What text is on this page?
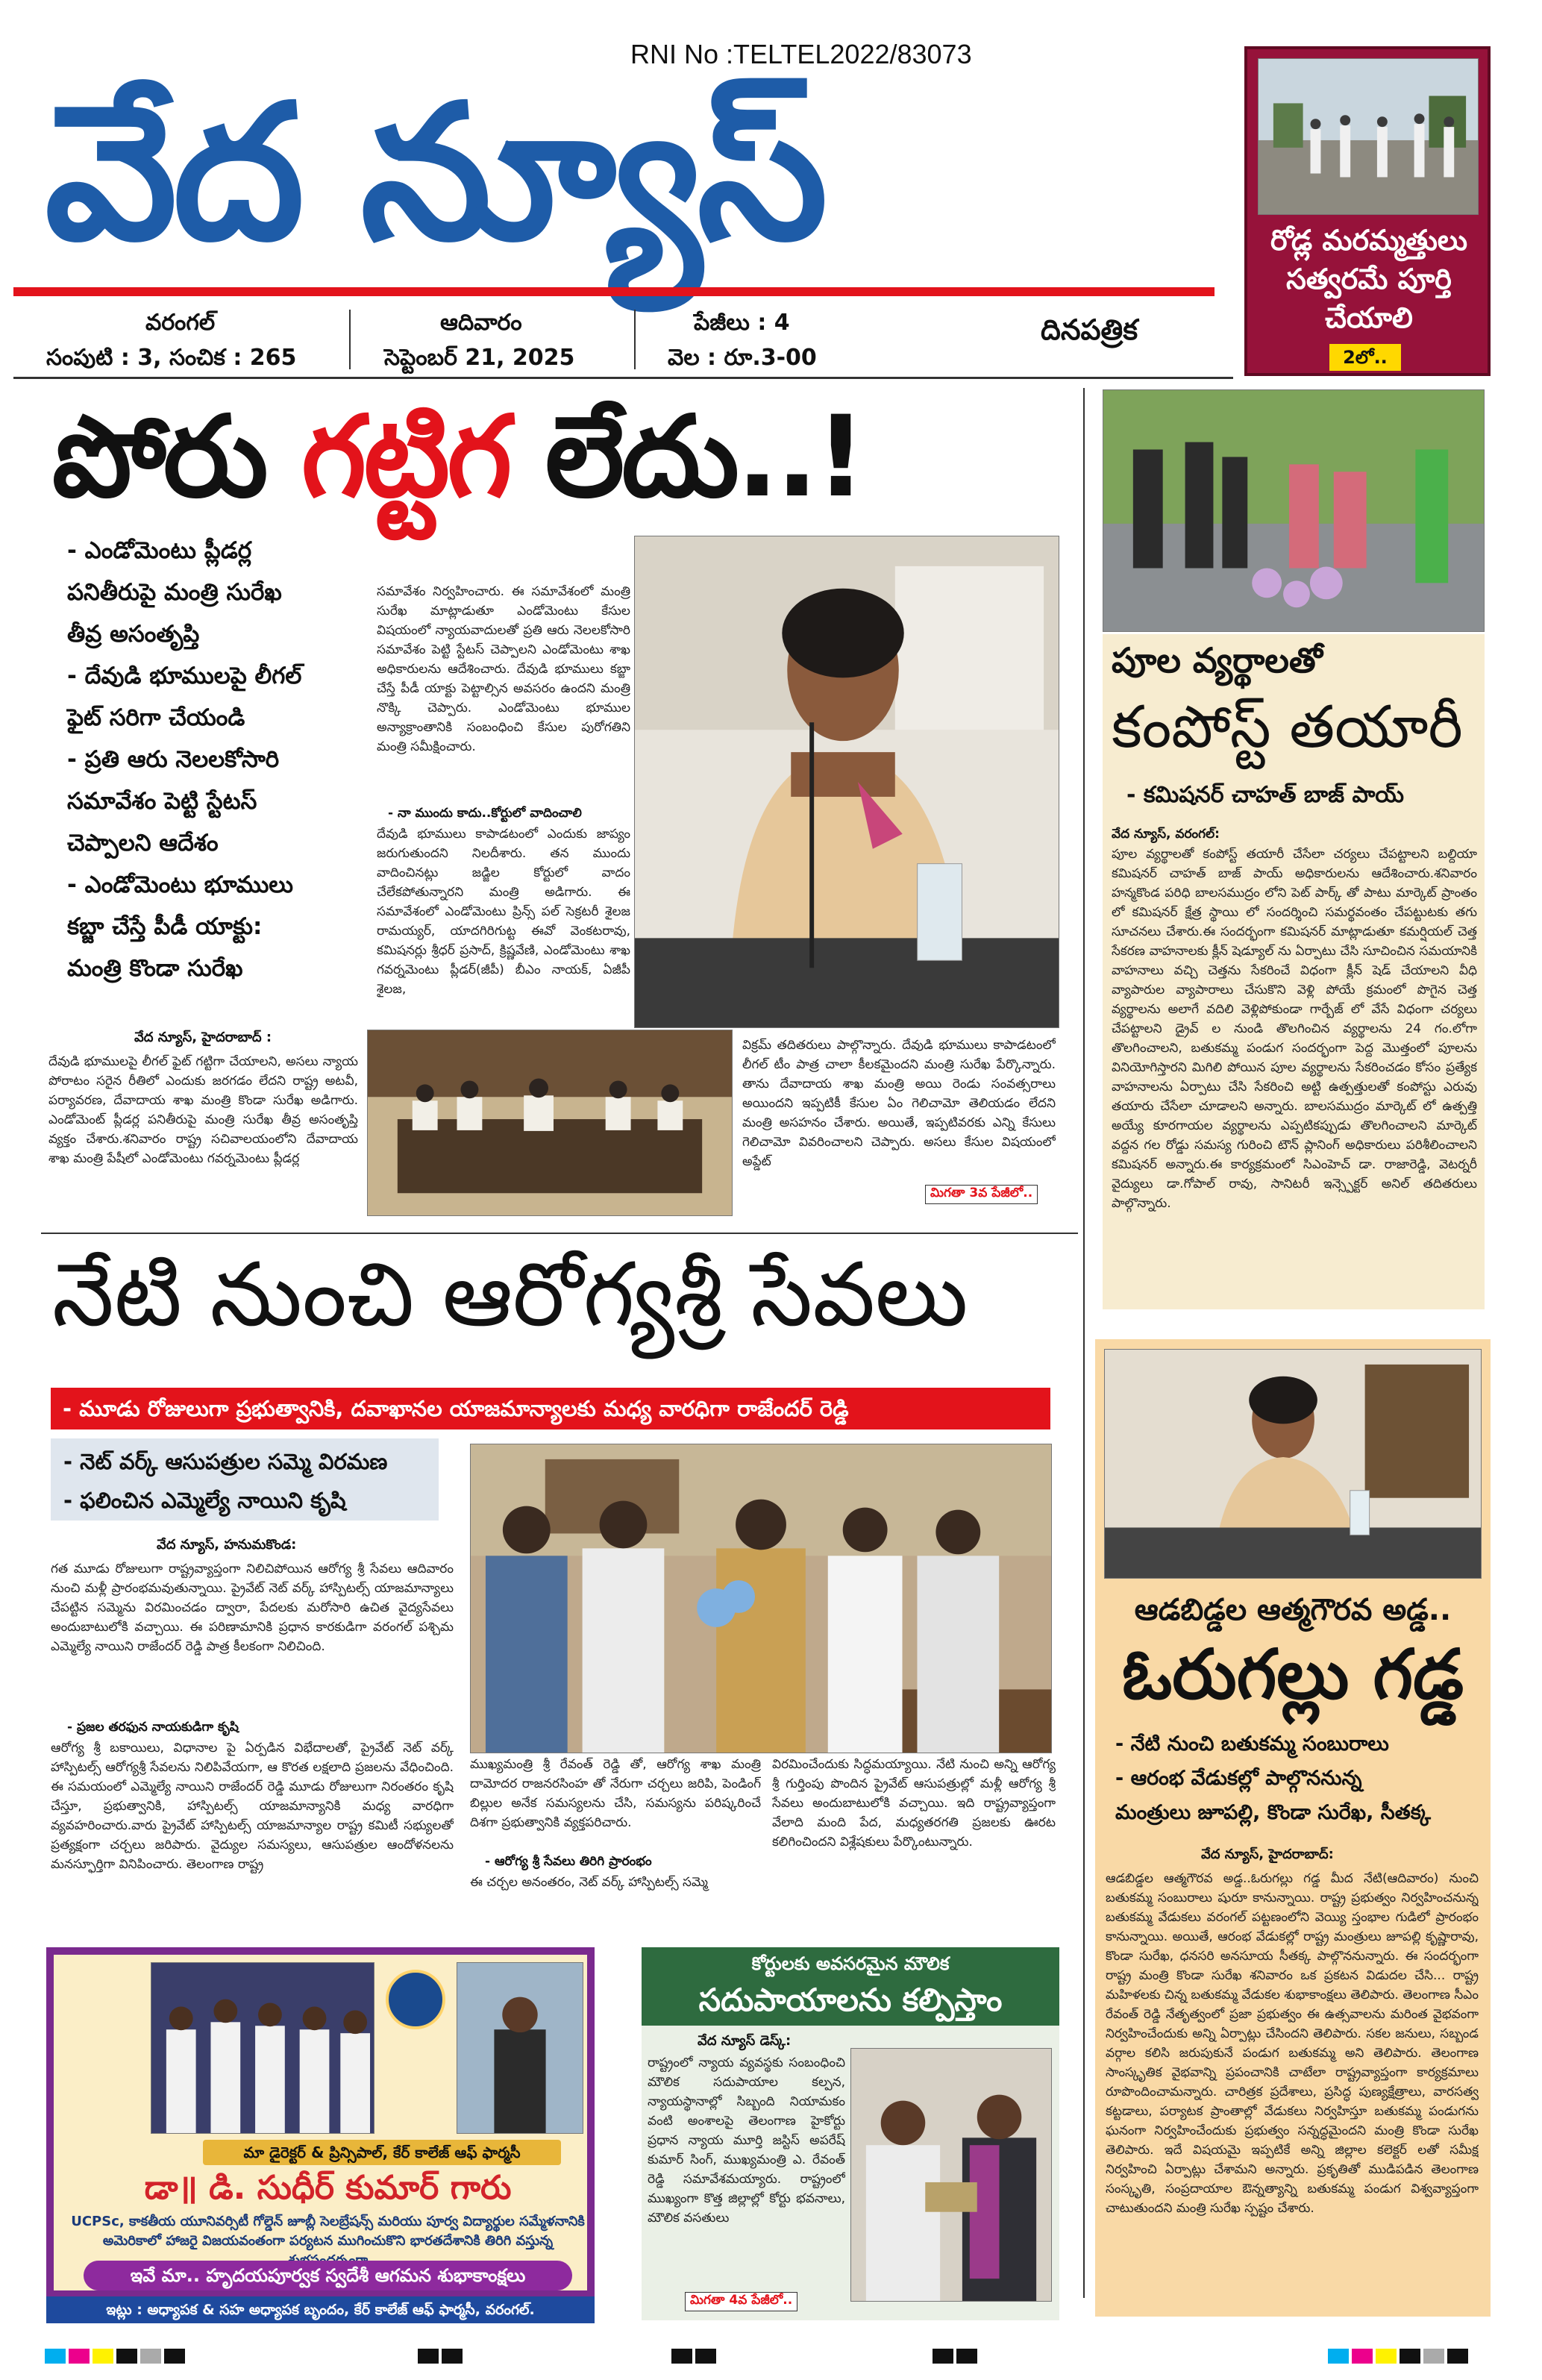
RNI No :TELTEL2022/83073
వేద న్యూస్
దినపత్రిక
వరంగల్
సంపుటి : 3, సంచిక : 265
ఆదివారం
సెప్టెంబర్ 21, 2025
పేజీలు : 4
వెల : రూ.3-00
రోడ్ల మరమ్మత్తులు సత్వరమే పూర్తి చేయాలి
2లో..
పోరు గట్టిగ లేదు..!
- ఎండోమెంటు ప్లీడర్ల
పనితీరుపై మంత్రి సురేఖ
తీవ్ర అసంతృప్తి
- దేవుడి భూములపై లీగల్
ఫైట్ సరిగా చేయండి
- ప్రతి ఆరు నెలలకోసారి
సమావేశం పెట్టి స్టేటస్
చెప్పాలని ఆదేశం
- ఎండోమెంటు భూములు
కబ్జా చేస్తే పీడీ యాక్టు:
మంత్రి కొండా సురేఖ
వేద న్యూస్, హైదరాబాద్ :
దేవుడి భూములపై లీగల్ ఫైట్ గట్టిగా చేయాలని, అసలు న్యాయ పోరాటం సరైన రీతిలో ఎందుకు జరగడం లేదని రాష్ట్ర అటవీ, పర్యావరణ, దేవాదాయ శాఖ మంత్రి కొండా సురేఖ అడిగారు. ఎండోమెంట్ ప్లీడర్ల పనితీరుపై మంత్రి సురేఖ తీవ్ర అసంతృప్తి వ్యక్తం చేశారు.శనివారం రాష్ట్ర సచివాలయంలోని దేవాదాయ శాఖ మంత్రి పేషీలో ఎండోమెంటు గవర్నమెంటు ప్లీడర్ల
సమావేశం నిర్వహించారు. ఈ సమావేశంలో మంత్రి సురేఖ మాట్లాడుతూ ఎండోమెంటు కేసుల విషయంలో న్యాయవాదులతో ప్రతి ఆరు నెలలకోసారి సమావేశం పెట్టి స్టేటస్ చెప్పాలని ఎండోమెంటు శాఖ అధికారులను ఆదేశించారు. దేవుడి భూములు కబ్జా చేస్తే పీడీ యాక్టు పెట్టాల్సిన అవసరం ఉందని మంత్రి నొక్కి చెప్పారు. ఎండోమెంటు భూముల అన్యాక్రాంతానికి సంబంధించి కేసుల పురోగతిని మంత్రి సమీక్షించారు.
- నా ముందు కాదు..కోర్టులో వాదించాలి
దేవుడి భూములు కాపాడటంలో ఎందుకు జాప్యం జరుగుతుందని నిలదీశారు. తన ముందు వాదించినట్లు జడ్జిల కోర్టులో వాదం చేలేకపోతున్నారని మంత్రి అడిగారు. ఈ సమావేశంలో ఎండోమెంటు ప్రిన్స్ పల్ సెక్రటరీ శైలజ రామయ్యర్, యాదగిరిగుట్ట ఈవో వెంకటరావు, కమిషనర్లు శ్రీధర్ ప్రసాద్, క్రిష్ణవేణి, ఎండోమెంటు శాఖ గవర్నమెంటు ప్లీడర్(జీపీ) బీఎం నాయక్, ఏజీపీ శైలజ,
విక్రమ్ తదితరులు పాల్గొన్నారు. దేవుడి భూములు కాపాడటంలో లీగల్ టీం పాత్ర చాలా కీలకమైందని మంత్రి సురేఖ పేర్కొన్నారు. తాను దేవాదాయ శాఖ మంత్రి అయి రెండు సంవత్సరాలు అయిందని ఇప్పటికీ కేసుల ఏం గెలిచామో తెలియడం లేదని మంత్రి అసహనం చేశారు. అయితే, ఇప్పటివరకు ఎన్ని కేసులు గెలిచామో వివరించాలని చెప్పారు. అసలు కేసుల విషయంలో అప్డేట్
మిగతా 3వ పేజీలో..
పూల వ్యర్థాలతో
కంపోస్ట్ తయారీ
- కమిషనర్ చాహత్ బాజ్ పాయ్
వేద న్యూస్, వరంగల్:
పూల వ్యర్థాలతో కంపోస్ట్ తయారీ చేసేలా చర్యలు చేపట్టాలని బల్దియా కమిషనర్ చాహత్ బాజ్ పాయ్ అధికారులను ఆదేశించారు.శనివారం హన్మకొండ పరిధి బాలసముద్రం లోని పెట్ పార్క్ తో పాటు మార్కెట్ ప్రాంతం లో కమిషనర్ క్షేత్ర స్థాయి లో సందర్శించి సమర్థవంతం చేపట్టుటకు తగు సూచనలు చేశారు.ఈ సందర్భంగా కమిషనర్ మాట్లాడుతూ కమర్షియల్ చెత్త సేకరణ వాహనాలకు క్లీన్ షెడ్యూల్ ను ఏర్పాటు చేసి సూచించిన సమయానికి వాహనాలు వచ్చి చెత్తను సేకరించే విధంగా క్లీన్ షెడ్ చేయాలని వీధి వ్యాపారుల వ్యాపారాలు చేసుకొని వెళ్లి పోయే క్రమంలో పొగైన చెత్త వ్యర్థాలను అలాగే వదిలి వెళ్లిపోకుండా గార్బేజ్ లో వేసే విధంగా చర్యలు చేపట్టాలని డ్రైవ్ ల నుండి తొలగించిన వ్యర్థాలను 24 గం.లోగా తొలగించాలని, బతుకమ్మ పండుగ సందర్భంగా పెద్ద మొత్తంలో పూలను వినియోగిస్తారని మిగిలి పోయిన పూల వ్యర్థాలను సేకరించడం కోసం ప్రత్యేక వాహనాలను ఏర్పాటు చేసి సేకరించి అట్టి ఉత్పత్తులతో కంపోస్టు ఎరువు తయారు చేసేలా చూడాలని అన్నారు. బాలసముద్రం మార్కెట్ లో ఉత్పత్తి అయ్యే కూరగాయల వ్యర్థాలను ఎప్పటికప్పుడు తొలగించాలని మార్కెట్ వద్దన గల రోడ్డు సమస్య గురించి టౌన్ ప్లానింగ్ అధికారులు పరిశీలించాలని కమిషనర్ అన్నారు.ఈ కార్యక్రమంలో సిఎంహెచ్ డా. రాజారెడ్డి, వెటర్నరీ వైద్యులు డా.గోపాల్ రావు, సానిటరీ ఇన్స్పెక్టర్ అనిల్ తదితరులు పాల్గొన్నారు.
నేటి నుంచి ఆరోగ్యశ్రీ సేవలు
- మూడు రోజులుగా ప్రభుత్వానికి, దవాఖానల యాజమాన్యాలకు మధ్య వారధిగా రాజేందర్ రెడ్డి
- నెట్ వర్క్ ఆసుపత్రుల సమ్మె విరమణ
- ఫలించిన ఎమ్మెల్యే నాయిని కృషి
వేద న్యూస్, హనుమకొండ:
గత మూడు రోజులుగా రాష్ట్రవ్యాప్తంగా నిలిచిపోయిన ఆరోగ్య శ్రీ సేవలు ఆదివారం నుంచి మళ్లీ ప్రారంభమవుతున్నాయి. ప్రైవేట్ నెట్ వర్క్ హాస్పిటల్స్ యాజమాన్యాలు చేపట్టిన సమ్మెను విరమించడం ద్వారా, పేదలకు మరోసారి ఉచిత వైద్యసేవలు అందుబాటులోకి వచ్చాయి. ఈ పరిణామానికి ప్రధాన కారకుడిగా వరంగల్ పశ్చిమ ఎమ్మెల్యే నాయిని రాజేందర్ రెడ్డి పాత్ర కీలకంగా నిలిచింది.
- ప్రజల తరఫున నాయకుడిగా కృషి
ఆరోగ్య శ్రీ బకాయిలు, విధానాల పై ఏర్పడిన విభేదాలతో, ప్రైవేట్ నెట్ వర్క్ హాస్పిటల్స్ ఆరోగ్యశ్రీ సేవలను నిలిపివేయగా, ఆ కొరత లక్షలాది ప్రజలను వేధించింది. ఈ సమయంలో ఎమ్మెల్యే నాయిని రాజేందర్ రెడ్డి మూడు రోజులుగా నిరంతరం కృషి చేస్తూ, ప్రభుత్వానికి, హాస్పిటల్స్ యాజమాన్యానికి మధ్య వారధిగా వ్యవహరించారు.వారు ప్రైవేట్ హాస్పిటల్స్ యాజమాన్యాల రాష్ట్ర కమిటీ సభ్యులతో ప్రత్యక్షంగా చర్చలు జరిపారు. వైద్యుల సమస్యలు, ఆసుపత్రుల ఆందోళనలను మనస్ఫూర్తిగా వినిపించారు. తెలంగాణ రాష్ట్ర
ముఖ్యమంత్రి శ్రీ రేవంత్ రెడ్డి తో, ఆరోగ్య శాఖ మంత్రి దామోదర రాజనరసింహ తో నేరుగా చర్చలు జరిపి, పెండింగ్ బిల్లుల అనేక సమస్యలను చేసి, సమస్యను పరిష్కరించే దిశగా ప్రభుత్వానికి వ్యక్తపరిచారు.
- ఆరోగ్య శ్రీ సేవలు తిరిగి ప్రారంభం
ఈ చర్చల అనంతరం, నెట్ వర్క్ హాస్పిటల్స్ సమ్మె
విరమించేందుకు సిద్ధమయ్యాయి. నేటి నుంచి అన్ని ఆరోగ్య శ్రీ గుర్తింపు పొందిన ప్రైవేట్ ఆసుపత్రుల్లో మళ్లీ ఆరోగ్య శ్రీ సేవలు అందుబాటులోకి వచ్చాయి. ఇది రాష్ట్రవ్యాప్తంగా వేలాది మంది పేద, మధ్యతరగతి ప్రజలకు ఊరట కలిగించిందని విశ్లేషకులు పేర్కొంటున్నారు.
ఆడబిడ్డల ఆత్మగౌరవ అడ్డ..
ఓరుగల్లు గడ్డ
- నేటి నుంచి బతుకమ్మ సంబురాలు
- ఆరంభ వేడుకల్లో పాల్గొననున్న
మంత్రులు జూపల్లి, కొండా సురేఖ, సీతక్క
వేద న్యూస్, హైదరాబాద్:
ఆడబిడ్డల ఆత్మగౌరవ అడ్డ..ఓరుగల్లు గడ్డ మీద నేటి(ఆదివారం) నుంచి బతుకమ్మ సంబురాలు షురూ కానున్నాయి. రాష్ట్ర ప్రభుత్వం నిర్వహించనున్న బతుకమ్మ వేడుకలు వరంగల్ పట్టణంలోని వెయ్యి స్తంభాల గుడిలో ప్రారంభం కానున్నాయి. అయితే, ఆరంభ వేడుకల్లో రాష్ట్ర మంత్రులు జూపల్లి కృష్ణారావు, కొండా సురేఖ, ధనసరి అనసూయ సీతక్క పాల్గొననున్నారు. ఈ సందర్భంగా రాష్ట్ర మంత్రి కొండా సురేఖ శనివారం ఒక ప్రకటన విడుదల చేసి... రాష్ట్ర మహిళలకు చిన్న బతుకమ్మ వేడుకల శుభాకాంక్షలు తెలిపారు. తెలంగాణ సీఎం రేవంత్ రెడ్డి నేతృత్వంలో ప్రజా ప్రభుత్వం ఈ ఉత్సవాలను మరింత వైభవంగా నిర్వహించేందుకు అన్ని ఏర్పాట్లు చేసిందని తెలిపారు. సకల జనులు, సబ్బండ వర్గాల కలిసి జరుపుకునే పండుగ బతుకమ్మ అని తెలిపారు. తెలంగాణ సాంస్కృతిక వైభవాన్ని ప్రపంచానికి చాటేలా రాష్ట్రవ్యాప్తంగా కార్యక్రమాలు రూపొందించామన్నారు. చారిత్రక ప్రదేశాలు, ప్రసిద్ధ పుణ్యక్షేత్రాలు, వారసత్వ కట్టడాలు, పర్యాటక ప్రాంతాల్లో వేడుకలు నిర్వహిస్తూ బతుకమ్మ పండుగను ఘనంగా నిర్వహించేందుకు ప్రభుత్వం సన్నద్ధమైందని మంత్రి కొండా సురేఖ తెలిపారు. ఇదే విషయమై ఇప్పటికే అన్ని జిల్లాల కలెక్టర్ లతో సమీక్ష నిర్వహించి ఏర్పాట్లు చేశామని అన్నారు. ప్రకృతితో ముడిపడిన తెలంగాణ సంస్కృతి, సంప్రదాయాల ఔన్నత్యాన్ని బతుకమ్మ పండుగ విశ్వవ్యాప్తంగా చాటుతుందని మంత్రి సురేఖ స్పష్టం చేశారు.
మా డైరెక్టర్ & ప్రిన్సిపాల్, కేర్ కాలేజ్ ఆఫ్ ఫార్మసీ
డా॥ డి. సుధీర్ కుమార్ గారు
UCPSc, కాకతీయ యూనివర్సిటీ గోల్డెన్ జూబ్లీ సెలబ్రేషన్స్ మరియు పూర్వ విద్యార్థుల సమ్మేళనానికి అమెరికాలో హాజరై విజయవంతంగా పర్యటన ముగించుకొని భారతదేశానికి తిరిగి వస్తున్న
ఇవే మా.. హృదయపూర్వక స్వదేశీ ఆగమన శుభాకాంక్షలు
ఇట్లు : అధ్యాపక & సహ అధ్యాపక బృందం, కేర్ కాలేజ్ ఆఫ్ ఫార్మసీ, వరంగల్.
కోర్టులకు అవసరమైన మౌలిక
సదుపాయాలను కల్పిస్తాం
వేద న్యూస్ డెస్క్:
రాష్ట్రంలో న్యాయ వ్యవస్థకు సంబంధించి మౌలిక సదుపాయాల కల్పన, న్యాయస్థానాల్లో సిబ్బంది నియామకం వంటి అంశాలపై తెలంగాణ హైకోర్టు ప్రధాన న్యాయ మూర్తి జస్టిస్ అపరేష్ కుమార్ సింగ్, ముఖ్యమంత్రి ఎ. రేవంత్ రెడ్డి సమావేశమయ్యారు. రాష్ట్రంలో ముఖ్యంగా కొత్త జిల్లాల్లో కోర్టు భవనాలు, మౌలిక వసతులు
మిగతా 4వ పేజీలో..
